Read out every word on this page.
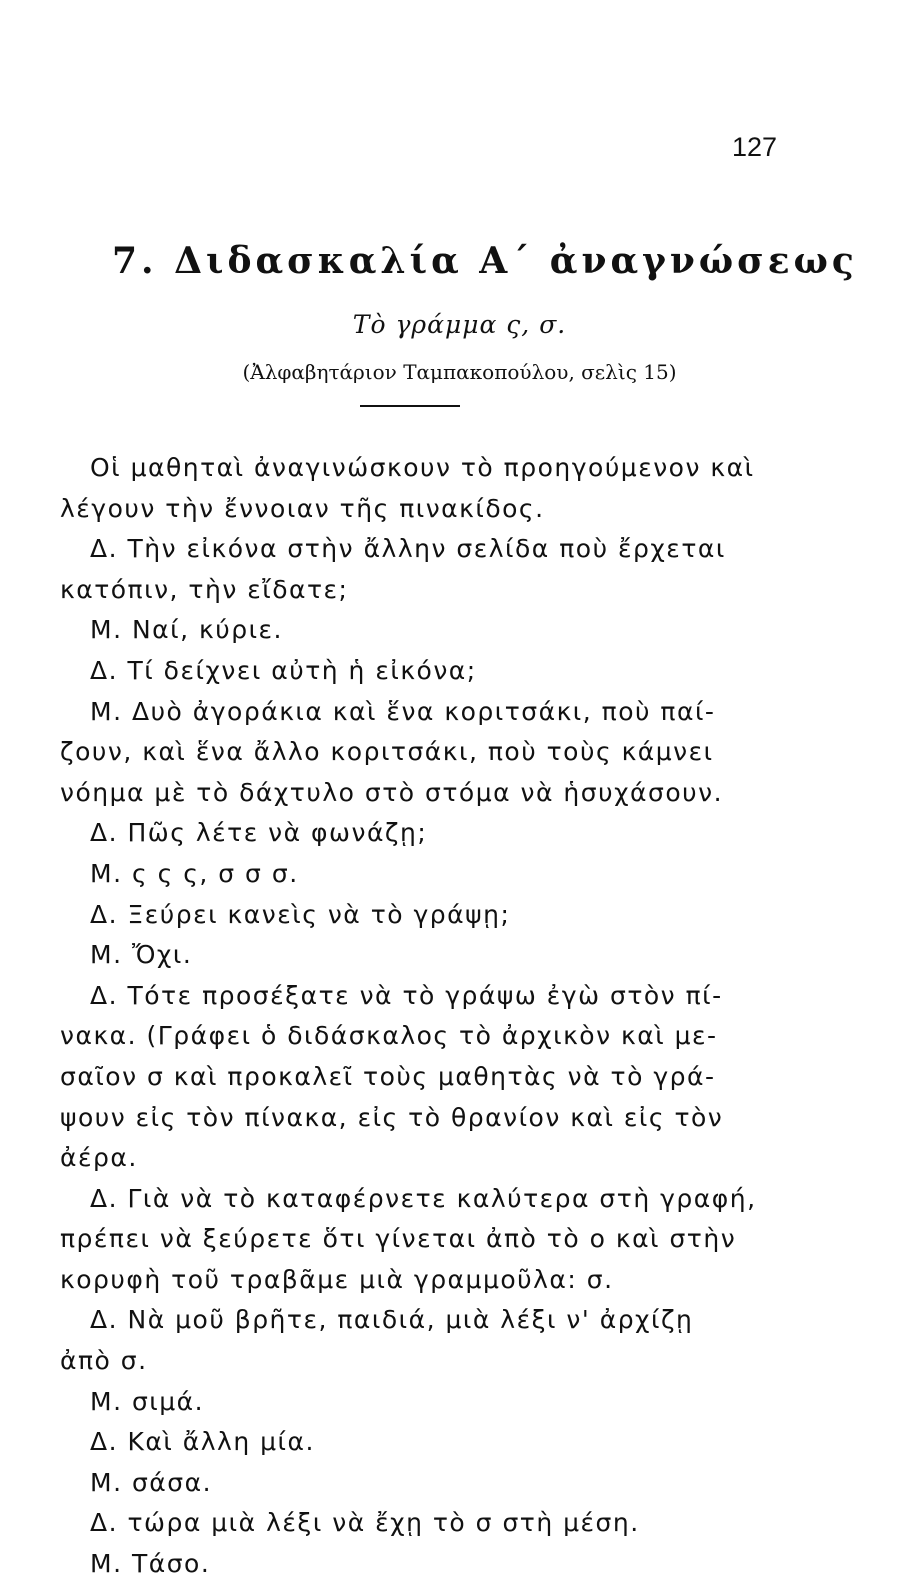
127
7. Διδασκαλία Α΄ ἀναγνώσεως
Τὸ γράμμα ς, σ.
(Ἀλφαβητάριον Ταμπακοπούλου, σελὶς 15)
Οἱ μαθηταὶ ἀναγινώσκουν τὸ προηγούμενον καὶ
λέγουν τὴν ἔννοιαν τῆς πινακίδος.
Δ. Τὴν εἰκόνα στὴν ἄλλην σελίδα ποὺ ἔρχεται
κατόπιν, τὴν εἴδατε;
Μ. Ναί, κύριε.
Δ. Τί δείχνει αὐτὴ ἡ εἰκόνα;
Μ. Δυὸ ἀγοράκια καὶ ἕνα κοριτσάκι, ποὺ παί-
ζουν, καὶ ἕνα ἄλλο κοριτσάκι, ποὺ τοὺς κάμνει
νόημα μὲ τὸ δάχτυλο στὸ στόμα νὰ ἡσυχάσουν.
Δ. Πῶς λέτε νὰ φωνάζῃ;
Μ. ς ς ς, σ σ σ.
Δ. Ξεύρει κανεὶς νὰ τὸ γράψῃ;
Μ. Ὄχι.
Δ. Τότε προσέξατε νὰ τὸ γράψω ἐγὼ στὸν πί-
νακα. (Γράφει ὁ διδάσκαλος τὸ ἀρχικὸν καὶ με-
σαῖον σ καὶ προκαλεῖ τοὺς μαθητὰς νὰ τὸ γρά-
ψουν εἰς τὸν πίνακα, εἰς τὸ θρανίον καὶ εἰς τὸν
ἀέρα.
Δ. Γιὰ νὰ τὸ καταφέρνετε καλύτερα στὴ γραφή,
πρέπει νὰ ξεύρετε ὅτι γίνεται ἀπὸ τὸ ο καὶ στὴν
κορυφὴ τοῦ τραβᾶμε μιὰ γραμμοῦλα: σ.
Δ. Νὰ μοῦ βρῆτε, παιδιά, μιὰ λέξι ν' ἀρχίζῃ
ἀπὸ σ.
Μ. σιμά.
Δ. Καὶ ἄλλη μία.
Μ. σάσα.
Δ. τώρα μιὰ λέξι νὰ ἔχῃ τὸ σ στὴ μέση.
Μ. Τάσο.
